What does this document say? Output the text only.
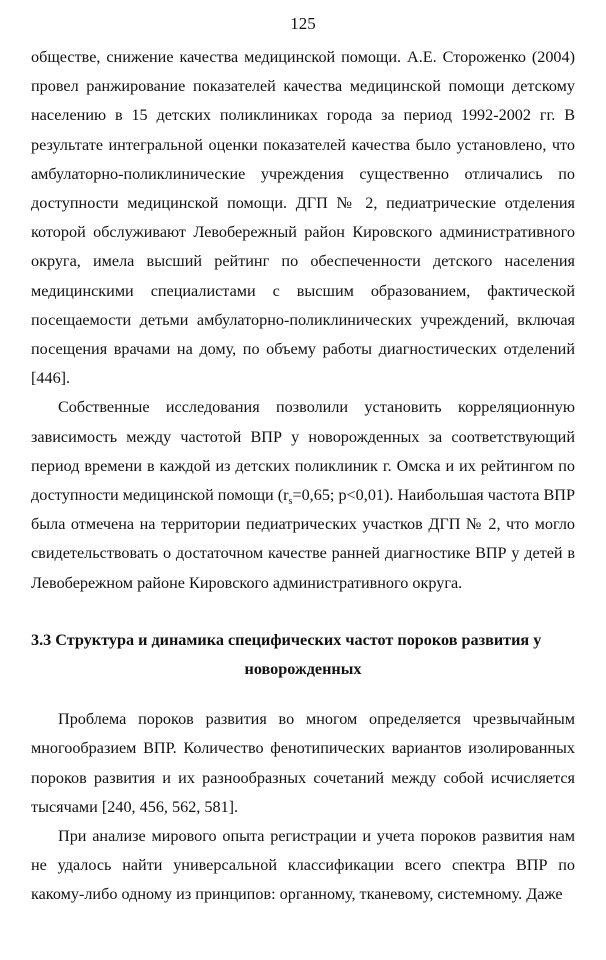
125

обществе, снижение качества медицинской помощи. А.Е. Стороженко (2004) провел ранжирование показателей качества медицинской помощи детскому населению в 15 детских поликлиниках города за период 1992-2002 гг. В результате интегральной оценки показателей качества было установлено, что амбулаторно-поликлинические учреждения существенно отличались по доступности медицинской помощи. ДГП № 2, педиатрические отделения которой обслуживают Левобережный район Кировского административного округа, имела высший рейтинг по обеспеченности детского населения медицинскими специалистами с высшим образованием, фактической посещаемости детьми амбулаторно-поликлинических учреждений, включая посещения врачами на дому, по объему работы диагностических отделений [446].

Собственные исследования позволили установить корреляционную зависимость между частотой ВПР у новорожденных за соответствующий период времени в каждой из детских поликлиник г. Омска и их рейтингом по доступности медицинской помощи ($r_s=0,65$; p<0,01). Наибольшая частота ВПР была отмечена на территории педиатрических участков ДГП № 2, что могло свидетельствовать о достаточном качестве ранней диагностике ВПР у детей в Левобережном районе Кировского административного округа.

3.3 Структура и динамика специфических частот пороков развития у

новорожденных

Проблема пороков развития во многом определяется чрезвычайным многообразием ВПР. Количество фенотипических вариантов изолированных пороков развития и их разнообразных сочетаний между собой исчисляется тысячами [240, 456, 562, 581].

При анализе мирового опыта регистрации и учета пороков развития нам не удалось найти универсальной классификации всего спектра ВПР по какому-либо одному из принципов: органному, тканевому, системному. Даже
